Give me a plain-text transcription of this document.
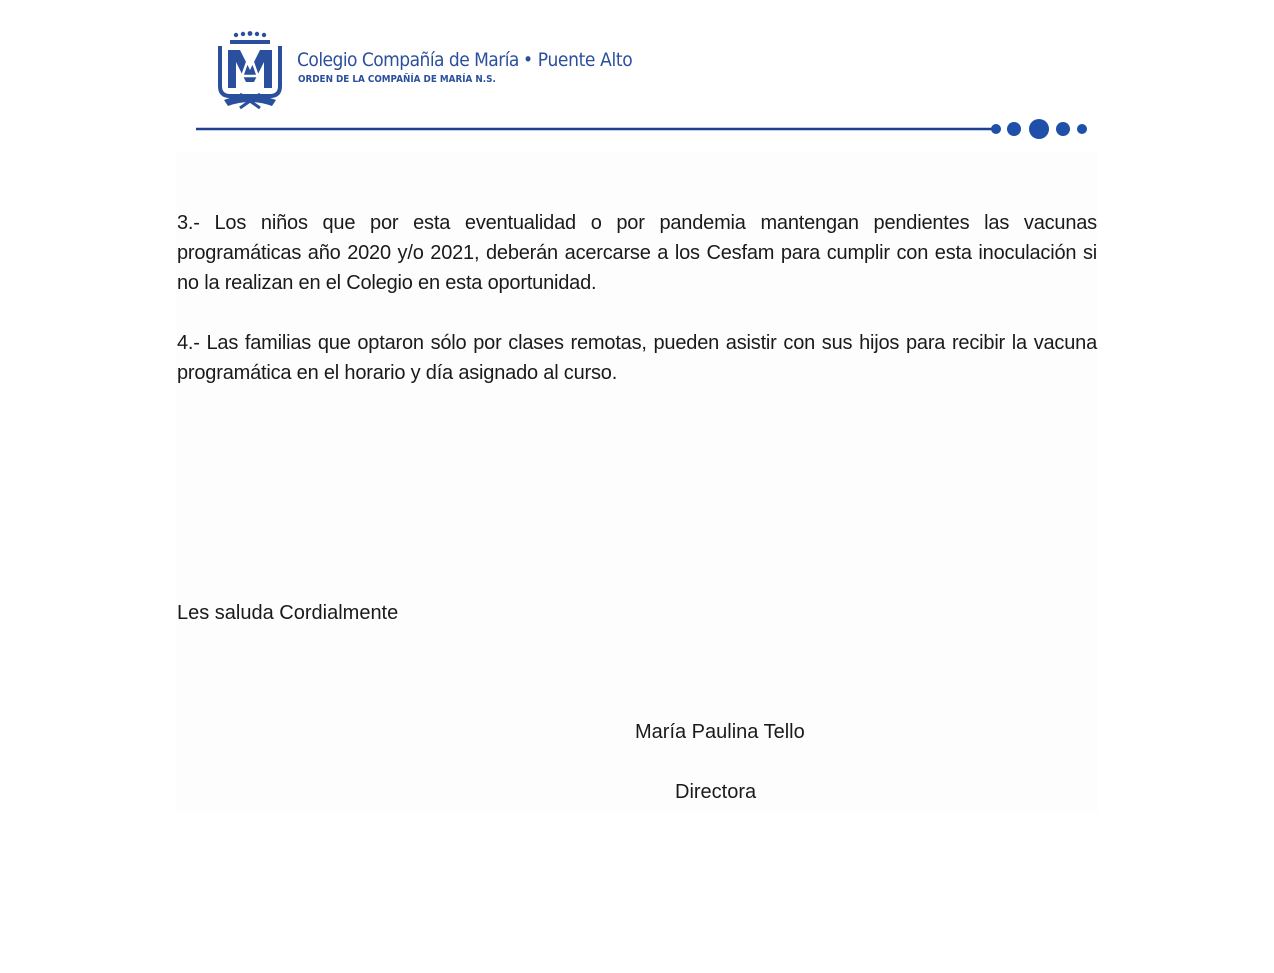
Colegio Compañía de María • Puente Alto
ORDEN DE LA COMPAÑÍA DE MARÍA N.S.

3.- Los niños que por esta eventualidad o por pandemia mantengan pendientes las vacunas programáticas año 2020 y/o 2021, deberán acercarse a los Cesfam para cumplir con esta inoculación si no la realizan en el Colegio en esta oportunidad.

4.- Las familias que optaron sólo por clases remotas, pueden asistir con sus hijos para recibir la vacuna programática en el horario y día asignado al curso.

Les saluda Cordialmente
María Paulina Tello
Directora
